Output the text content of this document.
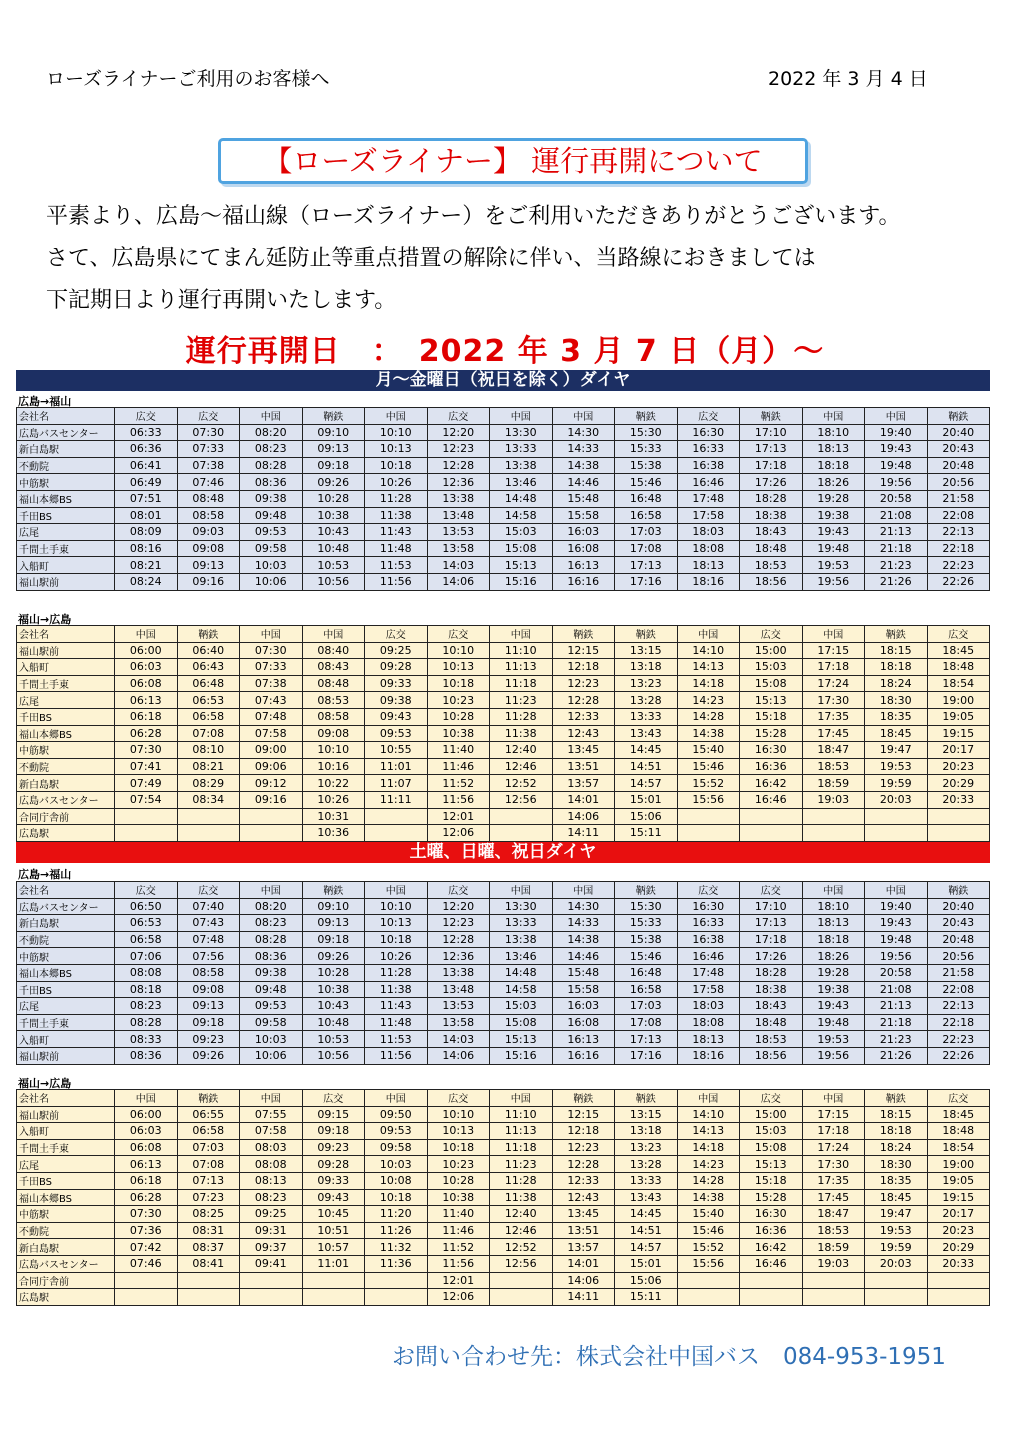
ローズライナーご利用のお客様へ	2022 年 3 月 4 日
【ローズライナー】 運行再開について
平素より、広島～福山線（ローズライナー）をご利用いただきありがとうございます。
さて、広島県にてまん延防止等重点措置の解除に伴い、当路線におきましては
下記期日より運行再開いたします。
運行再開日　：　2022 年 3 月 7 日（月）～
月～金曜日（祝日を除く）ダイヤ
広島→福山
会社名	広交	広交	中国	鞆鉄	中国	広交	中国	中国	鞆鉄	広交	鞆鉄	中国	中国	鞆鉄
広島バスセンター	06:33	07:30	08:20	09:10	10:10	12:20	13:30	14:30	15:30	16:30	17:10	18:10	19:40	20:40
新白島駅	06:36	07:33	08:23	09:13	10:13	12:23	13:33	14:33	15:33	16:33	17:13	18:13	19:43	20:43
不動院	06:41	07:38	08:28	09:18	10:18	12:28	13:38	14:38	15:38	16:38	17:18	18:18	19:48	20:48
中筋駅	06:49	07:46	08:36	09:26	10:26	12:36	13:46	14:46	15:46	16:46	17:26	18:26	19:56	20:56
福山本郷BS	07:51	08:48	09:38	10:28	11:28	13:38	14:48	15:48	16:48	17:48	18:28	19:28	20:58	21:58
千田BS	08:01	08:58	09:48	10:38	11:38	13:48	14:58	15:58	16:58	17:58	18:38	19:38	21:08	22:08
広尾	08:09	09:03	09:53	10:43	11:43	13:53	15:03	16:03	17:03	18:03	18:43	19:43	21:13	22:13
千間土手東	08:16	09:08	09:58	10:48	11:48	13:58	15:08	16:08	17:08	18:08	18:48	19:48	21:18	22:18
入船町	08:21	09:13	10:03	10:53	11:53	14:03	15:13	16:13	17:13	18:13	18:53	19:53	21:23	22:23
福山駅前	08:24	09:16	10:06	10:56	11:56	14:06	15:16	16:16	17:16	18:16	18:56	19:56	21:26	22:26
福山→広島
会社名	中国	鞆鉄	中国	中国	広交	広交	中国	鞆鉄	鞆鉄	中国	広交	中国	鞆鉄	広交
福山駅前	06:00	06:40	07:30	08:40	09:25	10:10	11:10	12:15	13:15	14:10	15:00	17:15	18:15	18:45
入船町	06:03	06:43	07:33	08:43	09:28	10:13	11:13	12:18	13:18	14:13	15:03	17:18	18:18	18:48
千間土手東	06:08	06:48	07:38	08:48	09:33	10:18	11:18	12:23	13:23	14:18	15:08	17:24	18:24	18:54
広尾	06:13	06:53	07:43	08:53	09:38	10:23	11:23	12:28	13:28	14:23	15:13	17:30	18:30	19:00
千田BS	06:18	06:58	07:48	08:58	09:43	10:28	11:28	12:33	13:33	14:28	15:18	17:35	18:35	19:05
福山本郷BS	06:28	07:08	07:58	09:08	09:53	10:38	11:38	12:43	13:43	14:38	15:28	17:45	18:45	19:15
中筋駅	07:30	08:10	09:00	10:10	10:55	11:40	12:40	13:45	14:45	15:40	16:30	18:47	19:47	20:17
不動院	07:41	08:21	09:06	10:16	11:01	11:46	12:46	13:51	14:51	15:46	16:36	18:53	19:53	20:23
新白島駅	07:49	08:29	09:12	10:22	11:07	11:52	12:52	13:57	14:57	15:52	16:42	18:59	19:59	20:29
広島バスセンター	07:54	08:34	09:16	10:26	11:11	11:56	12:56	14:01	15:01	15:56	16:46	19:03	20:03	20:33
合同庁舎前				10:31		12:01		14:06	15:06					
広島駅				10:36		12:06		14:11	15:11					
土曜、日曜、祝日ダイヤ
広島→福山
会社名	広交	広交	中国	鞆鉄	中国	広交	中国	中国	鞆鉄	広交	広交	中国	中国	鞆鉄
広島バスセンター	06:50	07:40	08:20	09:10	10:10	12:20	13:30	14:30	15:30	16:30	17:10	18:10	19:40	20:40
新白島駅	06:53	07:43	08:23	09:13	10:13	12:23	13:33	14:33	15:33	16:33	17:13	18:13	19:43	20:43
不動院	06:58	07:48	08:28	09:18	10:18	12:28	13:38	14:38	15:38	16:38	17:18	18:18	19:48	20:48
中筋駅	07:06	07:56	08:36	09:26	10:26	12:36	13:46	14:46	15:46	16:46	17:26	18:26	19:56	20:56
福山本郷BS	08:08	08:58	09:38	10:28	11:28	13:38	14:48	15:48	16:48	17:48	18:28	19:28	20:58	21:58
千田BS	08:18	09:08	09:48	10:38	11:38	13:48	14:58	15:58	16:58	17:58	18:38	19:38	21:08	22:08
広尾	08:23	09:13	09:53	10:43	11:43	13:53	15:03	16:03	17:03	18:03	18:43	19:43	21:13	22:13
千間土手東	08:28	09:18	09:58	10:48	11:48	13:58	15:08	16:08	17:08	18:08	18:48	19:48	21:18	22:18
入船町	08:33	09:23	10:03	10:53	11:53	14:03	15:13	16:13	17:13	18:13	18:53	19:53	21:23	22:23
福山駅前	08:36	09:26	10:06	10:56	11:56	14:06	15:16	16:16	17:16	18:16	18:56	19:56	21:26	22:26
福山→広島
会社名	中国	鞆鉄	中国	広交	中国	広交	中国	鞆鉄	鞆鉄	中国	広交	中国	鞆鉄	広交
福山駅前	06:00	06:55	07:55	09:15	09:50	10:10	11:10	12:15	13:15	14:10	15:00	17:15	18:15	18:45
入船町	06:03	06:58	07:58	09:18	09:53	10:13	11:13	12:18	13:18	14:13	15:03	17:18	18:18	18:48
千間土手東	06:08	07:03	08:03	09:23	09:58	10:18	11:18	12:23	13:23	14:18	15:08	17:24	18:24	18:54
広尾	06:13	07:08	08:08	09:28	10:03	10:23	11:23	12:28	13:28	14:23	15:13	17:30	18:30	19:00
千田BS	06:18	07:13	08:13	09:33	10:08	10:28	11:28	12:33	13:33	14:28	15:18	17:35	18:35	19:05
福山本郷BS	06:28	07:23	08:23	09:43	10:18	10:38	11:38	12:43	13:43	14:38	15:28	17:45	18:45	19:15
中筋駅	07:30	08:25	09:25	10:45	11:20	11:40	12:40	13:45	14:45	15:40	16:30	18:47	19:47	20:17
不動院	07:36	08:31	09:31	10:51	11:26	11:46	12:46	13:51	14:51	15:46	16:36	18:53	19:53	20:23
新白島駅	07:42	08:37	09:37	10:57	11:32	11:52	12:52	13:57	14:57	15:52	16:42	18:59	19:59	20:29
広島バスセンター	07:46	08:41	09:41	11:01	11:36	11:56	12:56	14:01	15:01	15:56	16:46	19:03	20:03	20:33
合同庁舎前						12:01		14:06	15:06					
広島駅						12:06		14:11	15:11					
お問い合わせ先：株式会社中国バス　084-953-1951
